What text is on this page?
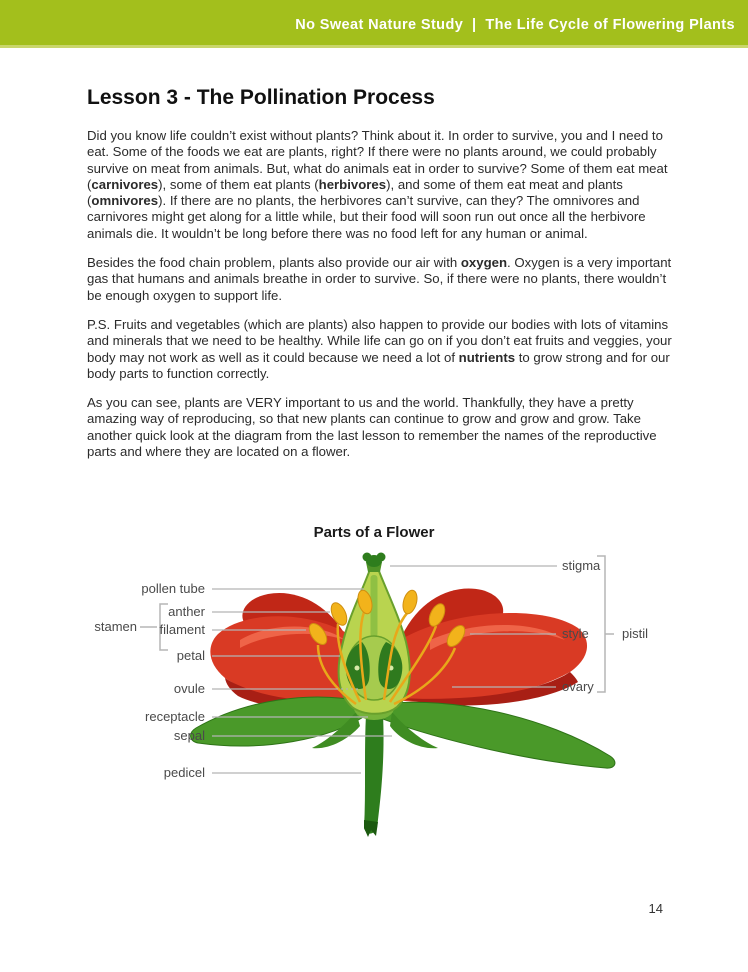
No Sweat Nature Study  |  The Life Cycle of Flowering Plants
Lesson 3 - The Pollination Process

Did you know life couldn’t exist without plants? Think about it. In order to survive, you and I need to eat. Some of the foods we eat are plants, right? If there were no plants around, we could probably survive on meat from animals. But, what do animals eat in order to survive? Some of them eat meat (carnivores), some of them eat plants (herbivores), and some of them eat meat and plants (omnivores). If there are no plants, the herbivores can’t survive, can they? The omnivores and carnivores might get along for a little while, but their food will soon run out once all the herbivore animals die. It wouldn’t be long before there was no food left for any human or animal.

Besides the food chain problem, plants also provide our air with oxygen. Oxygen is a very important gas that humans and animals breathe in order to survive. So, if there were no plants, there wouldn’t be enough oxygen to support life.

P.S. Fruits and vegetables (which are plants) also happen to provide our bodies with lots of vitamins and minerals that we need to be healthy. While life can go on if you don’t eat fruits and veggies, your body may not work as well as it could because we need a lot of nutrients to grow strong and for our body parts to function correctly.

As you can see, plants are VERY important to us and the world. Thankfully, they have a pretty amazing way of reproducing, so that new plants can continue to grow and grow and grow. Take another quick look at the diagram from the last lesson to remember the names of the reproductive parts and where they are located on a flower.

Parts of a Flower
pollen tube
anther
filament
stamen
petal
ovule
receptacle
sepal
pedicel
stigma
style
ovary
pistil
14
